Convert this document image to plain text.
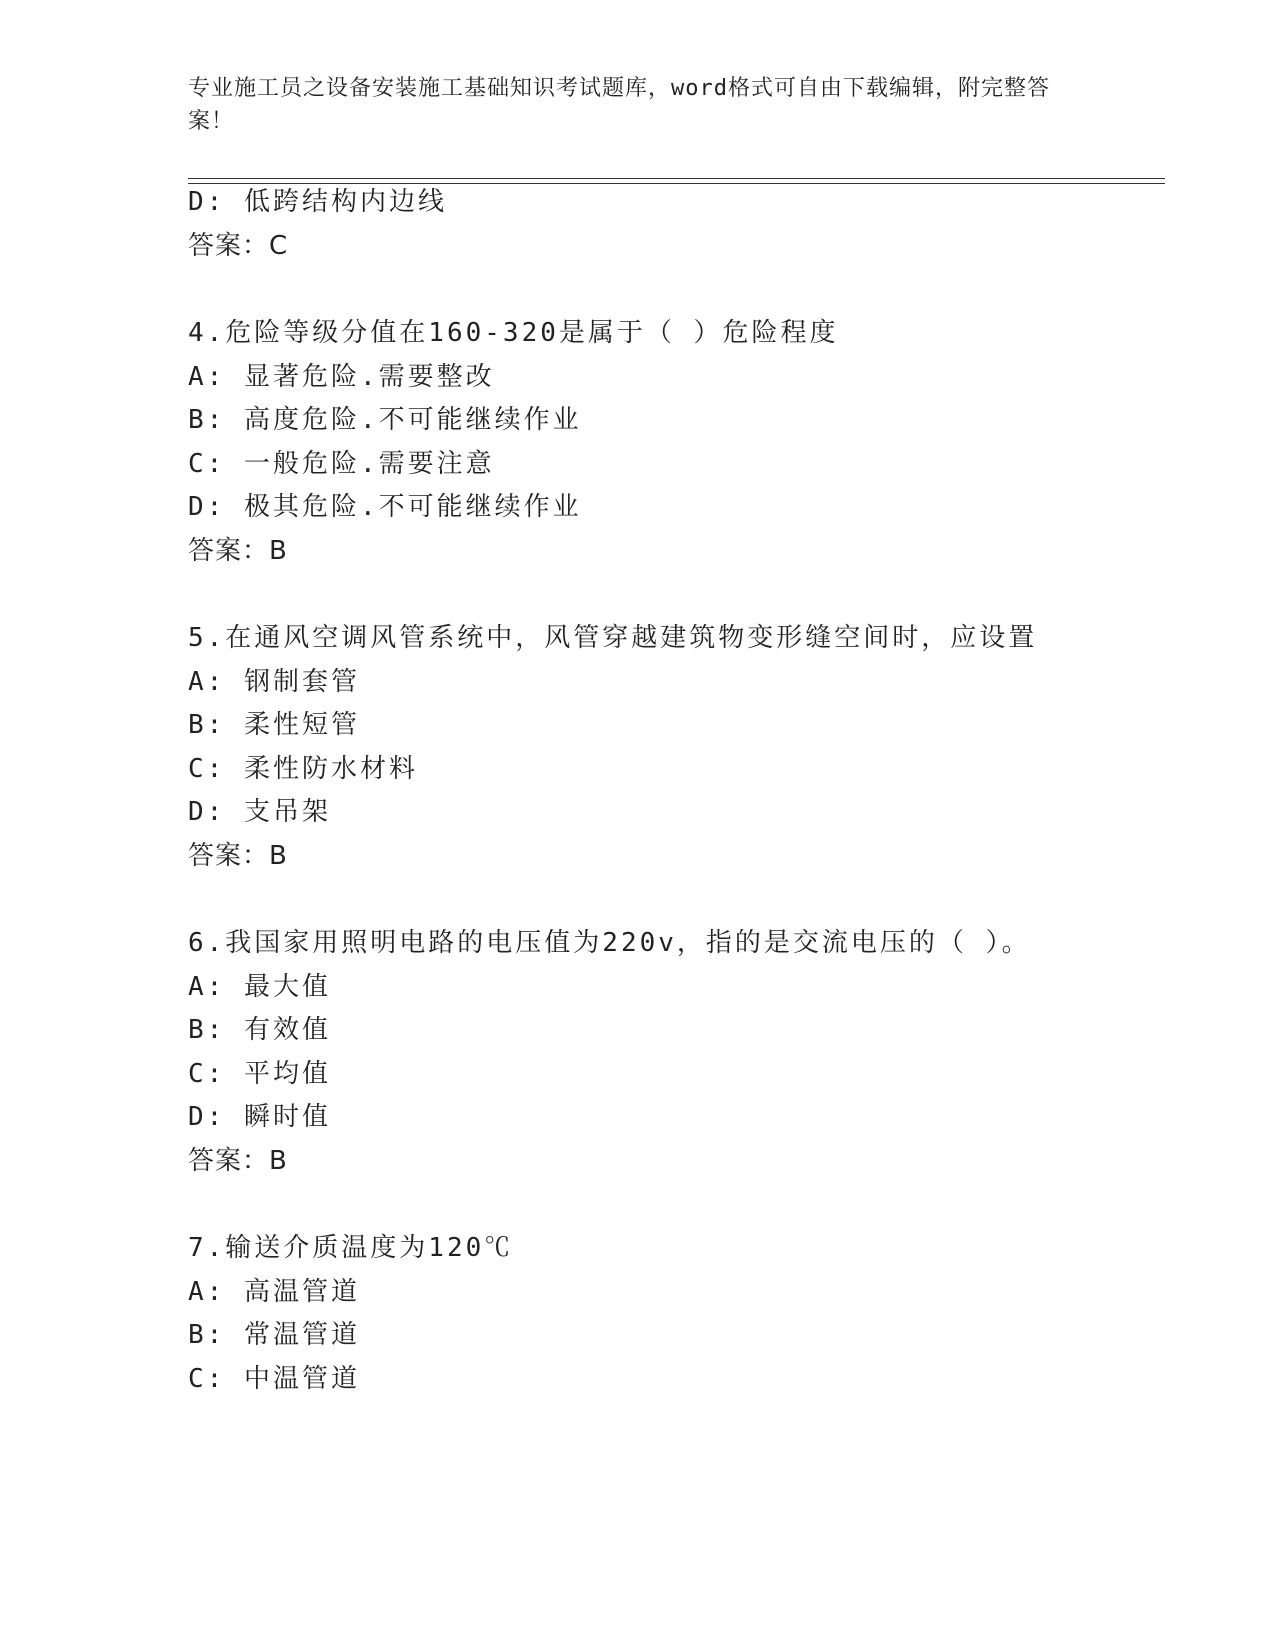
专业施工员之设备安装施工基础知识考试题库，word格式可自由下载编辑，附完整答案！
D: 低跨结构内边线
答案：C
4.危险等级分值在160-320是属于（ ）危险程度
A: 显著危险.需要整改
B: 高度危险.不可能继续作业
C: 一般危险.需要注意
D: 极其危险.不可能继续作业
答案：B
5.在通风空调风管系统中，风管穿越建筑物变形缝空间时，应设置
A: 钢制套管
B: 柔性短管
C: 柔性防水材料
D: 支吊架
答案：B
6.我国家用照明电路的电压值为220v，指的是交流电压的（ ）。
A: 最大值
B: 有效值
C: 平均值
D: 瞬时值
答案：B
7.输送介质温度为120℃
A: 高温管道
B: 常温管道
C: 中温管道
